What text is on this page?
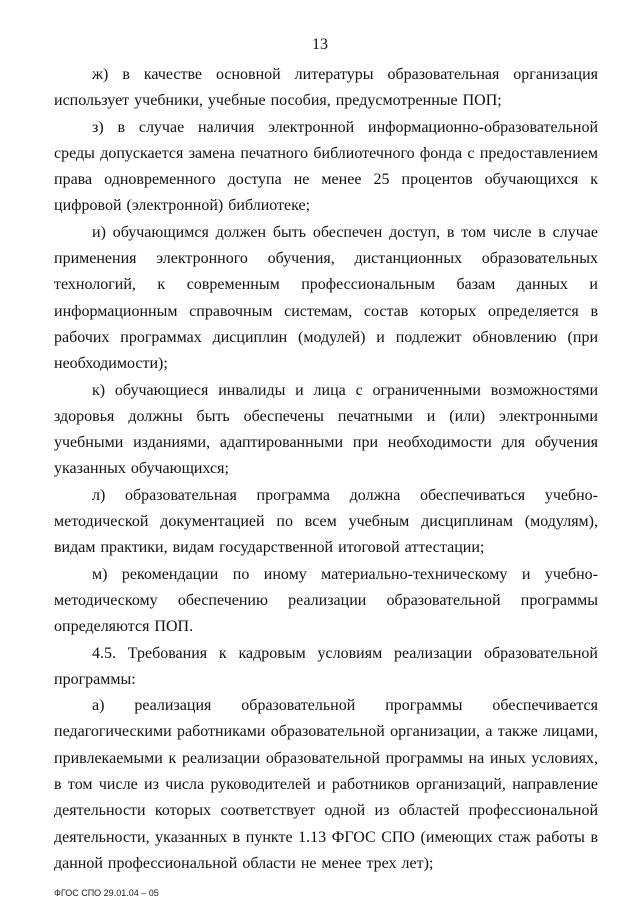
13

ж) в качестве основной литературы образовательная организация использует учебники, учебные пособия, предусмотренные ПОП;

з) в случае наличия электронной информационно-образовательной среды допускается замена печатного библиотечного фонда с предоставлением права одновременного доступа не менее 25 процентов обучающихся к цифровой (электронной) библиотеке;

и) обучающимся должен быть обеспечен доступ, в том числе в случае применения электронного обучения, дистанционных образовательных технологий, к современным профессиональным базам данных и информационным справочным системам, состав которых определяется в рабочих программах дисциплин (модулей) и подлежит обновлению (при необходимости);

к) обучающиеся инвалиды и лица с ограниченными возможностями здоровья должны быть обеспечены печатными и (или) электронными учебными изданиями, адаптированными при необходимости для обучения указанных обучающихся;

л) образовательная программа должна обеспечиваться учебно-методической документацией по всем учебным дисциплинам (модулям), видам практики, видам государственной итоговой аттестации;

м) рекомендации по иному материально-техническому и учебно-методическому обеспечению реализации образовательной программы определяются ПОП.

4.5. Требования к кадровым условиям реализации образовательной программы:

а) реализация образовательной программы обеспечивается педагогическими работниками образовательной организации, а также лицами, привлекаемыми к реализации образовательной программы на иных условиях, в том числе из числа руководителей и работников организаций, направление деятельности которых соответствует одной из областей профессиональной деятельности, указанных в пункте 1.13 ФГОС СПО (имеющих стаж работы в данной профессиональной области не менее трех лет);

ФГОС СПО 29.01.04 – 05
